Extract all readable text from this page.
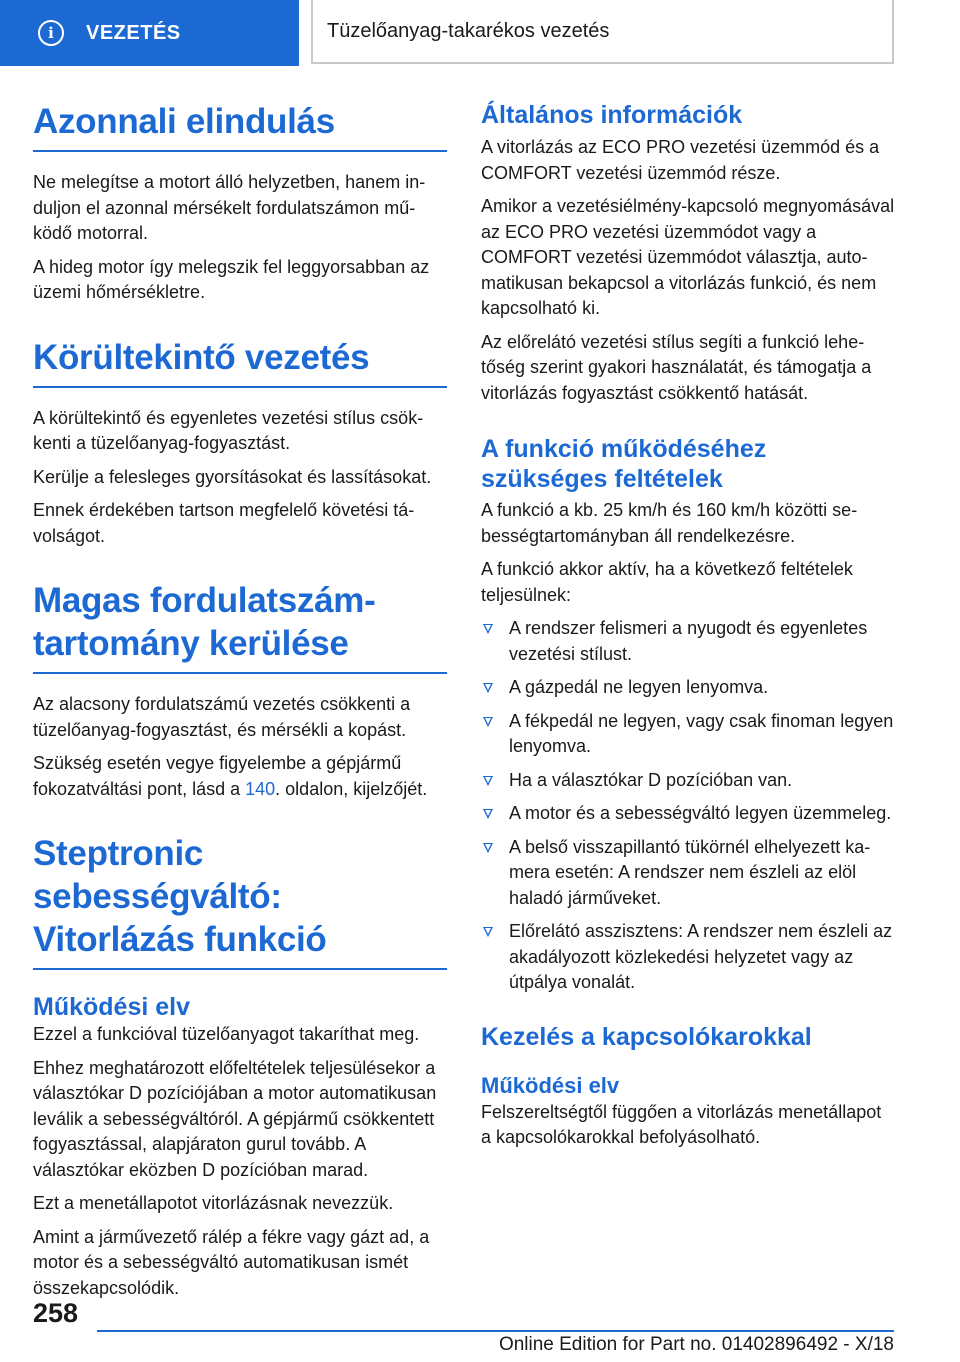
i	VEZETÉS	Tüzelőanyag-takarékos vezetés
Azonnali elindulás

Ne melegítse a motort álló helyzetben, hanem induljon el azonnal mérsékelt fordulatszámon működő motorral.

A hideg motor így melegszik fel leggyorsabban az üzemi hőmérsékletre.

Körültekintő vezetés

A körültekintő és egyenletes vezetési stílus csökkenti a tüzelőanyag-fogyasztást.

Kerülje a felesleges gyorsításokat és lassításokat.

Ennek érdekében tartson megfelelő követési távolságot.

Magas fordulatszám-tartomány kerülése

Az alacsony fordulatszámú vezetés csökkenti a tüzelőanyag-fogyasztást, és mérsékli a kopást.

Szükség esetén vegye figyelembe a gépjármű fokozatváltási pont, lásd a 140. oldalon, kijelzőjét.

Steptronic sebességváltó: Vitorlázás funkció
Működési elv

Ezzel a funkcióval tüzelőanyagot takaríthat meg.

Ehhez meghatározott előfeltételek teljesülésekor a választókar D pozíciójában a motor automatikusan leválik a sebességváltóról. A gépjármű csökkentett fogyasztással, alapjáraton gurul tovább. A választókar eközben D pozícióban marad.

Ezt a menetállapotot vitorlázásnak nevezzük.

Amint a járművezető rálép a fékre vagy gázt ad, a motor és a sebességváltó automatikusan ismét összekapcsolódik.

Általános információk

A vitorlázás az ECO PRO vezetési üzemmód és a COMFORT vezetési üzemmód része.

Amikor a vezetésiélmény-kapcsoló megnyomásával az ECO PRO vezetési üzemmódot vagy a COMFORT vezetési üzemmódot választja, automatikusan bekapcsol a vitorlázás funkció, és nem kapcsolható ki.

Az előrelátó vezetési stílus segíti a funkció lehetőség szerint gyakori használatát, és támogatja a vitorlázás fogyasztást csökkentő hatását.

A funkció működéséhez szükséges feltételek

A funkció a kb. 25 km/h és 160 km/h közötti sebességtartományban áll rendelkezésre.

A funkció akkor aktív, ha a következő feltételek teljesülnek:

A rendszer felismeri a nyugodt és egyenletes vezetési stílust.
A gázpedál ne legyen lenyomva.
A fékpedál ne legyen, vagy csak finoman legyen lenyomva.
Ha a választókar D pozícióban van.
A motor és a sebességváltó legyen üzemmeleg.
A belső visszapillantó tükörnél elhelyezett kamera esetén: A rendszer nem észleli az elöl haladó járműveket.
Előrelátó asszisztens: A rendszer nem észleli az akadályozott közlekedési helyzetet vagy az útpálya vonalát.
Kezelés a kapcsolókarokkal
Működési elv

Felszereltségtől függően a vitorlázás menetállapot a kapcsolókarokkal befolyásolható.

258
Online Edition for Part no. 01402896492 - X/18
